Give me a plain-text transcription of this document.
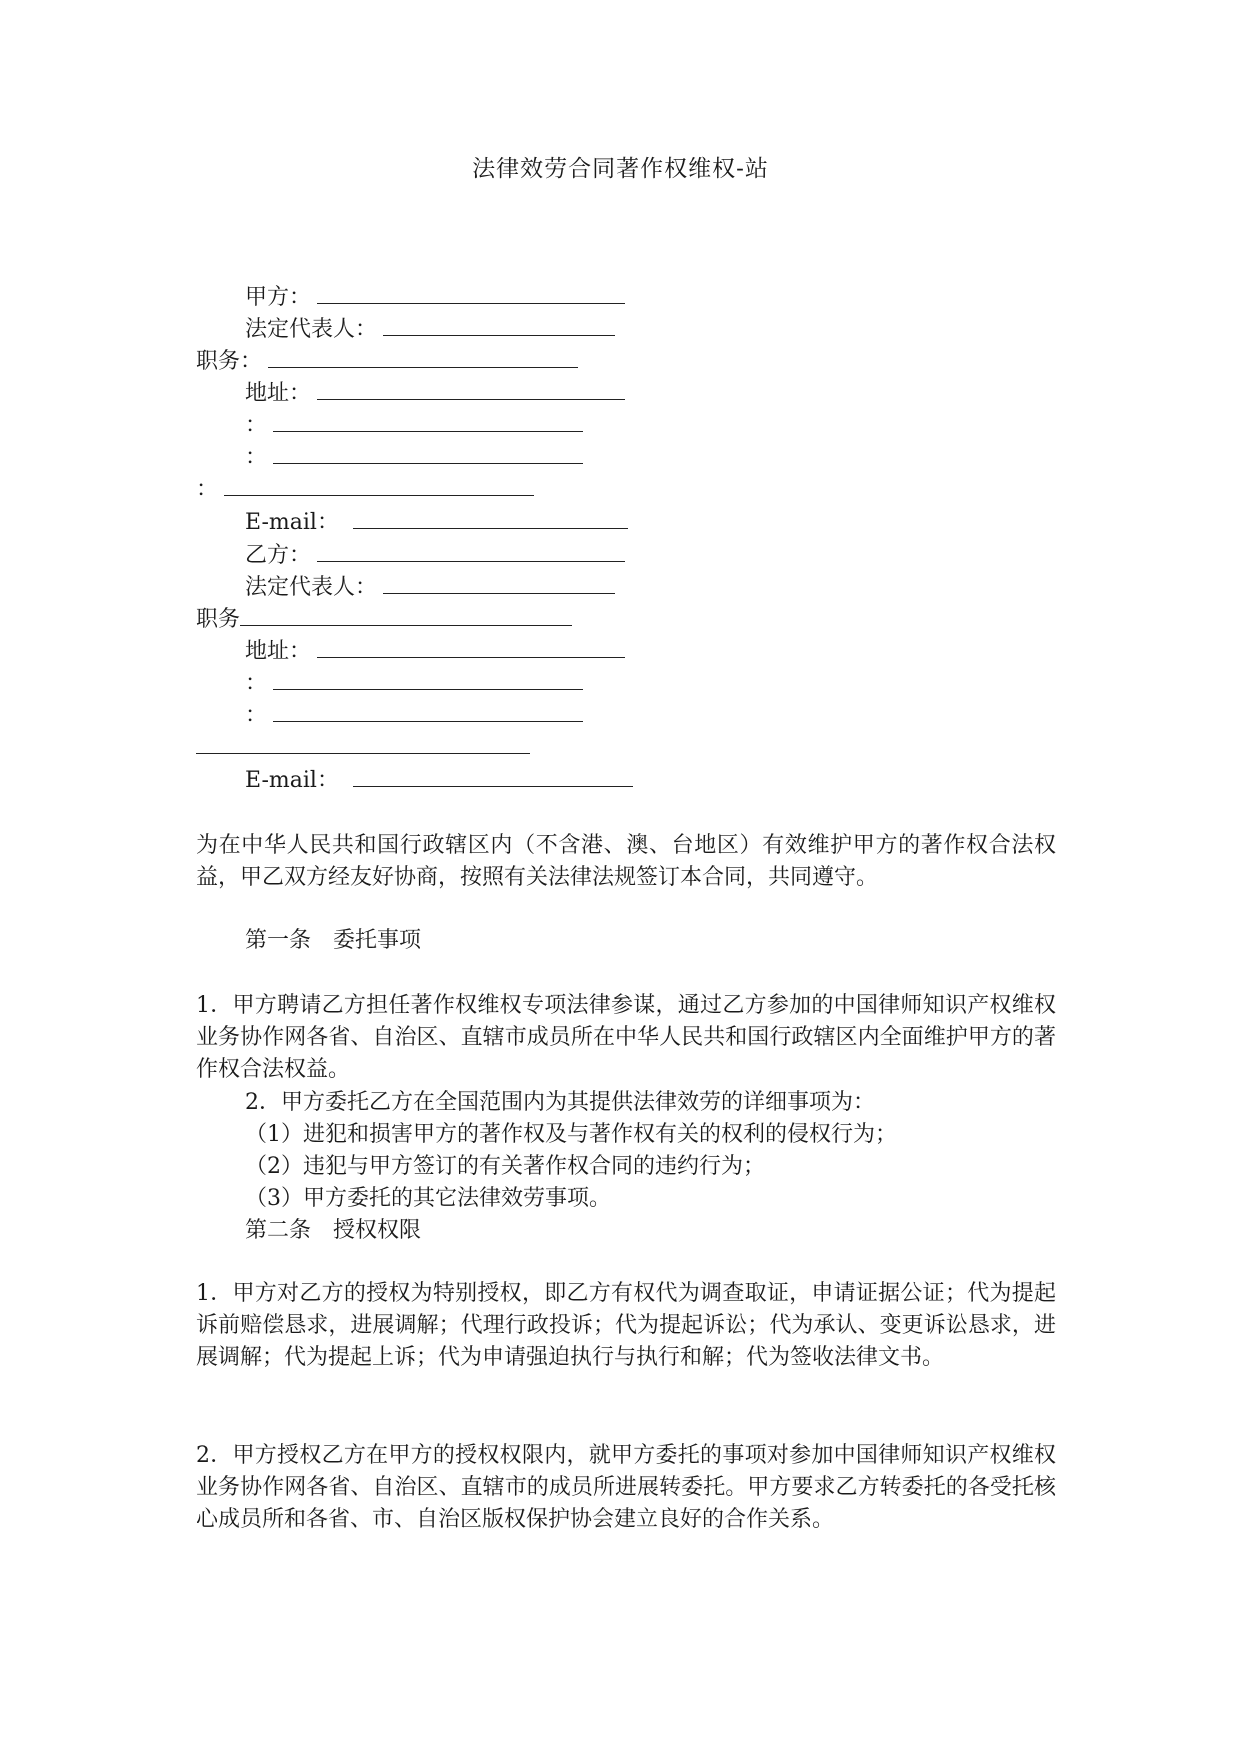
法律效劳合同著作权维权-站
甲方：
法定代表人：
职务：
地址：
：
：
：
E-mail：
乙方：
法定代表人：
职务
地址：
：
：
E-mail：
为在中华人民共和国行政辖区内（不含港、澳、台地区）有效维护甲方的著作权合法权益，甲乙双方经友好协商，按照有关法律法规签订本合同，共同遵守。
第一条　委托事项
1．甲方聘请乙方担任著作权维权专项法律参谋，通过乙方参加的中国律师知识产权维权业务协作网各省、自治区、直辖市成员所在中华人民共和国行政辖区内全面维护甲方的著作权合法权益。
2．甲方委托乙方在全国范围内为其提供法律效劳的详细事项为：
（1）进犯和损害甲方的著作权及与著作权有关的权利的侵权行为；
（2）违犯与甲方签订的有关著作权合同的违约行为；
（3）甲方委托的其它法律效劳事项。
第二条　授权权限
1．甲方对乙方的授权为特别授权，即乙方有权代为调查取证，申请证据公证；代为提起诉前赔偿恳求，进展调解；代理行政投诉；代为提起诉讼；代为承认、变更诉讼恳求，进展调解；代为提起上诉；代为申请强迫执行与执行和解；代为签收法律文书。
2．甲方授权乙方在甲方的授权权限内，就甲方委托的事项对参加中国律师知识产权维权业务协作网各省、自治区、直辖市的成员所进展转委托。甲方要求乙方转委托的各受托核心成员所和各省、市、自治区版权保护协会建立良好的合作关系。
